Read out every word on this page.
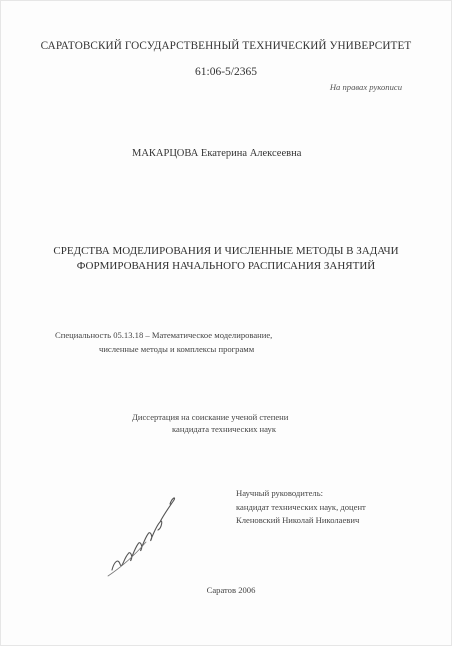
САРАТОВСКИЙ ГОСУДАРСТВЕННЫЙ ТЕХНИЧЕСКИЙ УНИВЕРСИТЕТ
61:06-5/2365
На правах рукописи
МАКАРЦОВА Екатерина Алексеевна
СРЕДСТВА МОДЕЛИРОВАНИЯ И ЧИСЛЕННЫЕ МЕТОДЫ В ЗАДАЧИ
ФОРМИРОВАНИЯ НАЧАЛЬНОГО РАСПИСАНИЯ ЗАНЯТИЙ
Специальность 05.13.18 – Математическое моделирование,
численные методы и комплексы программ
Диссертация на соискание ученой степени
кандидата технических наук
Научный руководитель:
кандидат технических наук, доцент
Кленовский Николай Николаевич
Саратов 2006
